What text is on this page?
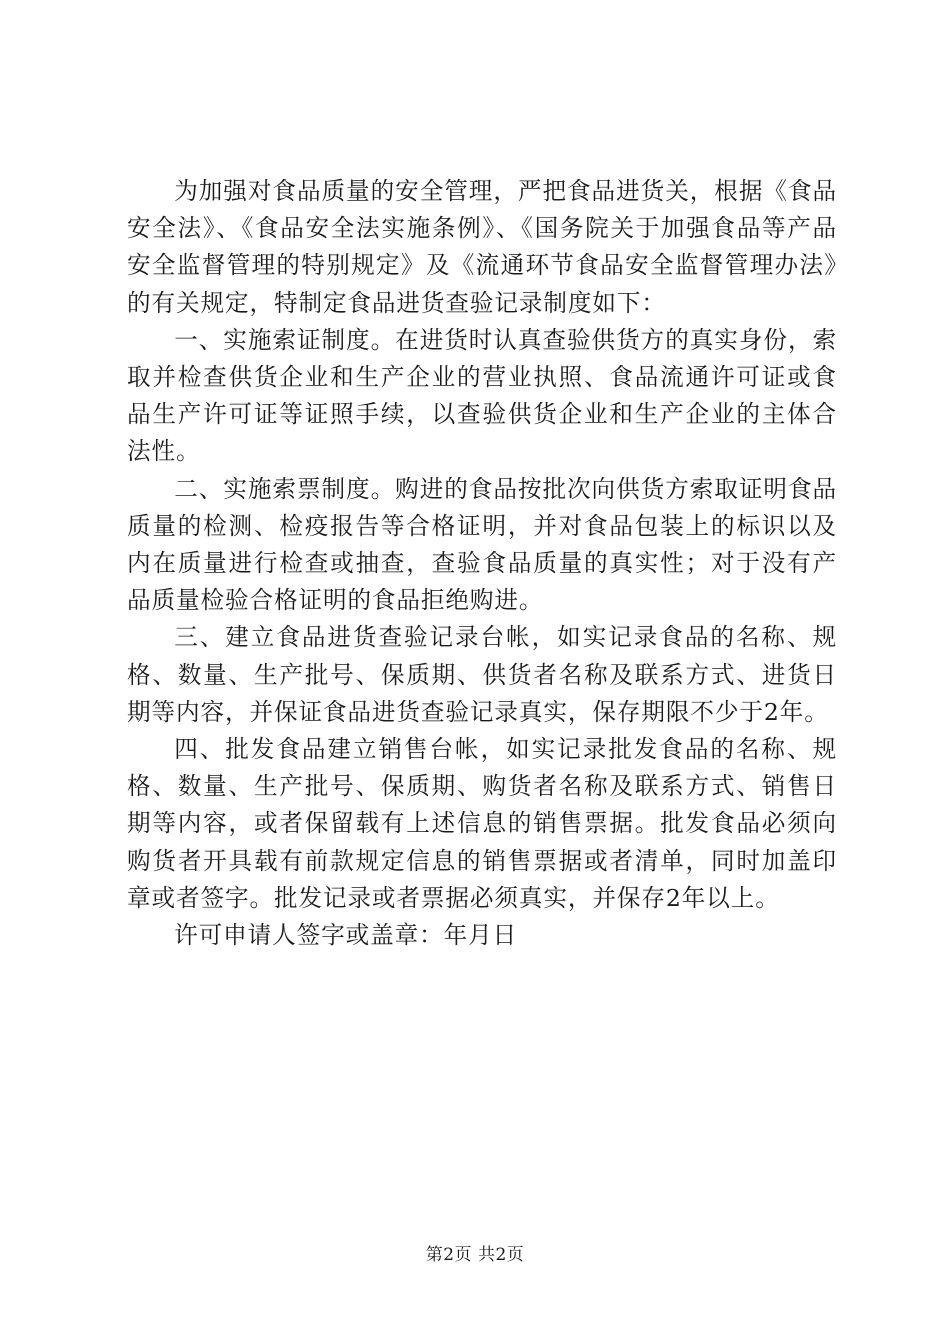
为加强对食品质量的安全管理，严把食品进货关，根据《食品安全法》、《食品安全法实施条例》、《国务院关于加强食品等产品安全监督管理的特别规定》及《流通环节食品安全监督管理办法》的有关规定，特制定食品进货查验记录制度如下：

一、实施索证制度。在进货时认真查验供货方的真实身份，索取并检查供货企业和生产企业的营业执照、食品流通许可证或食品生产许可证等证照手续，以查验供货企业和生产企业的主体合法性。

二、实施索票制度。购进的食品按批次向供货方索取证明食品质量的检测、检疫报告等合格证明，并对食品包装上的标识以及内在质量进行检查或抽查，查验食品质量的真实性；对于没有产品质量检验合格证明的食品拒绝购进。

三、建立食品进货查验记录台帐，如实记录食品的名称、规格、数量、生产批号、保质期、供货者名称及联系方式、进货日期等内容，并保证食品进货查验记录真实，保存期限不少于2年。

四、批发食品建立销售台帐，如实记录批发食品的名称、规格、数量、生产批号、保质期、购货者名称及联系方式、销售日期等内容，或者保留载有上述信息的销售票据。批发食品必须向购货者开具载有前款规定信息的销售票据或者清单，同时加盖印章或者签字。批发记录或者票据必须真实，并保存2年以上。

许可申请人签字或盖章：年月日

第2页 共2页
